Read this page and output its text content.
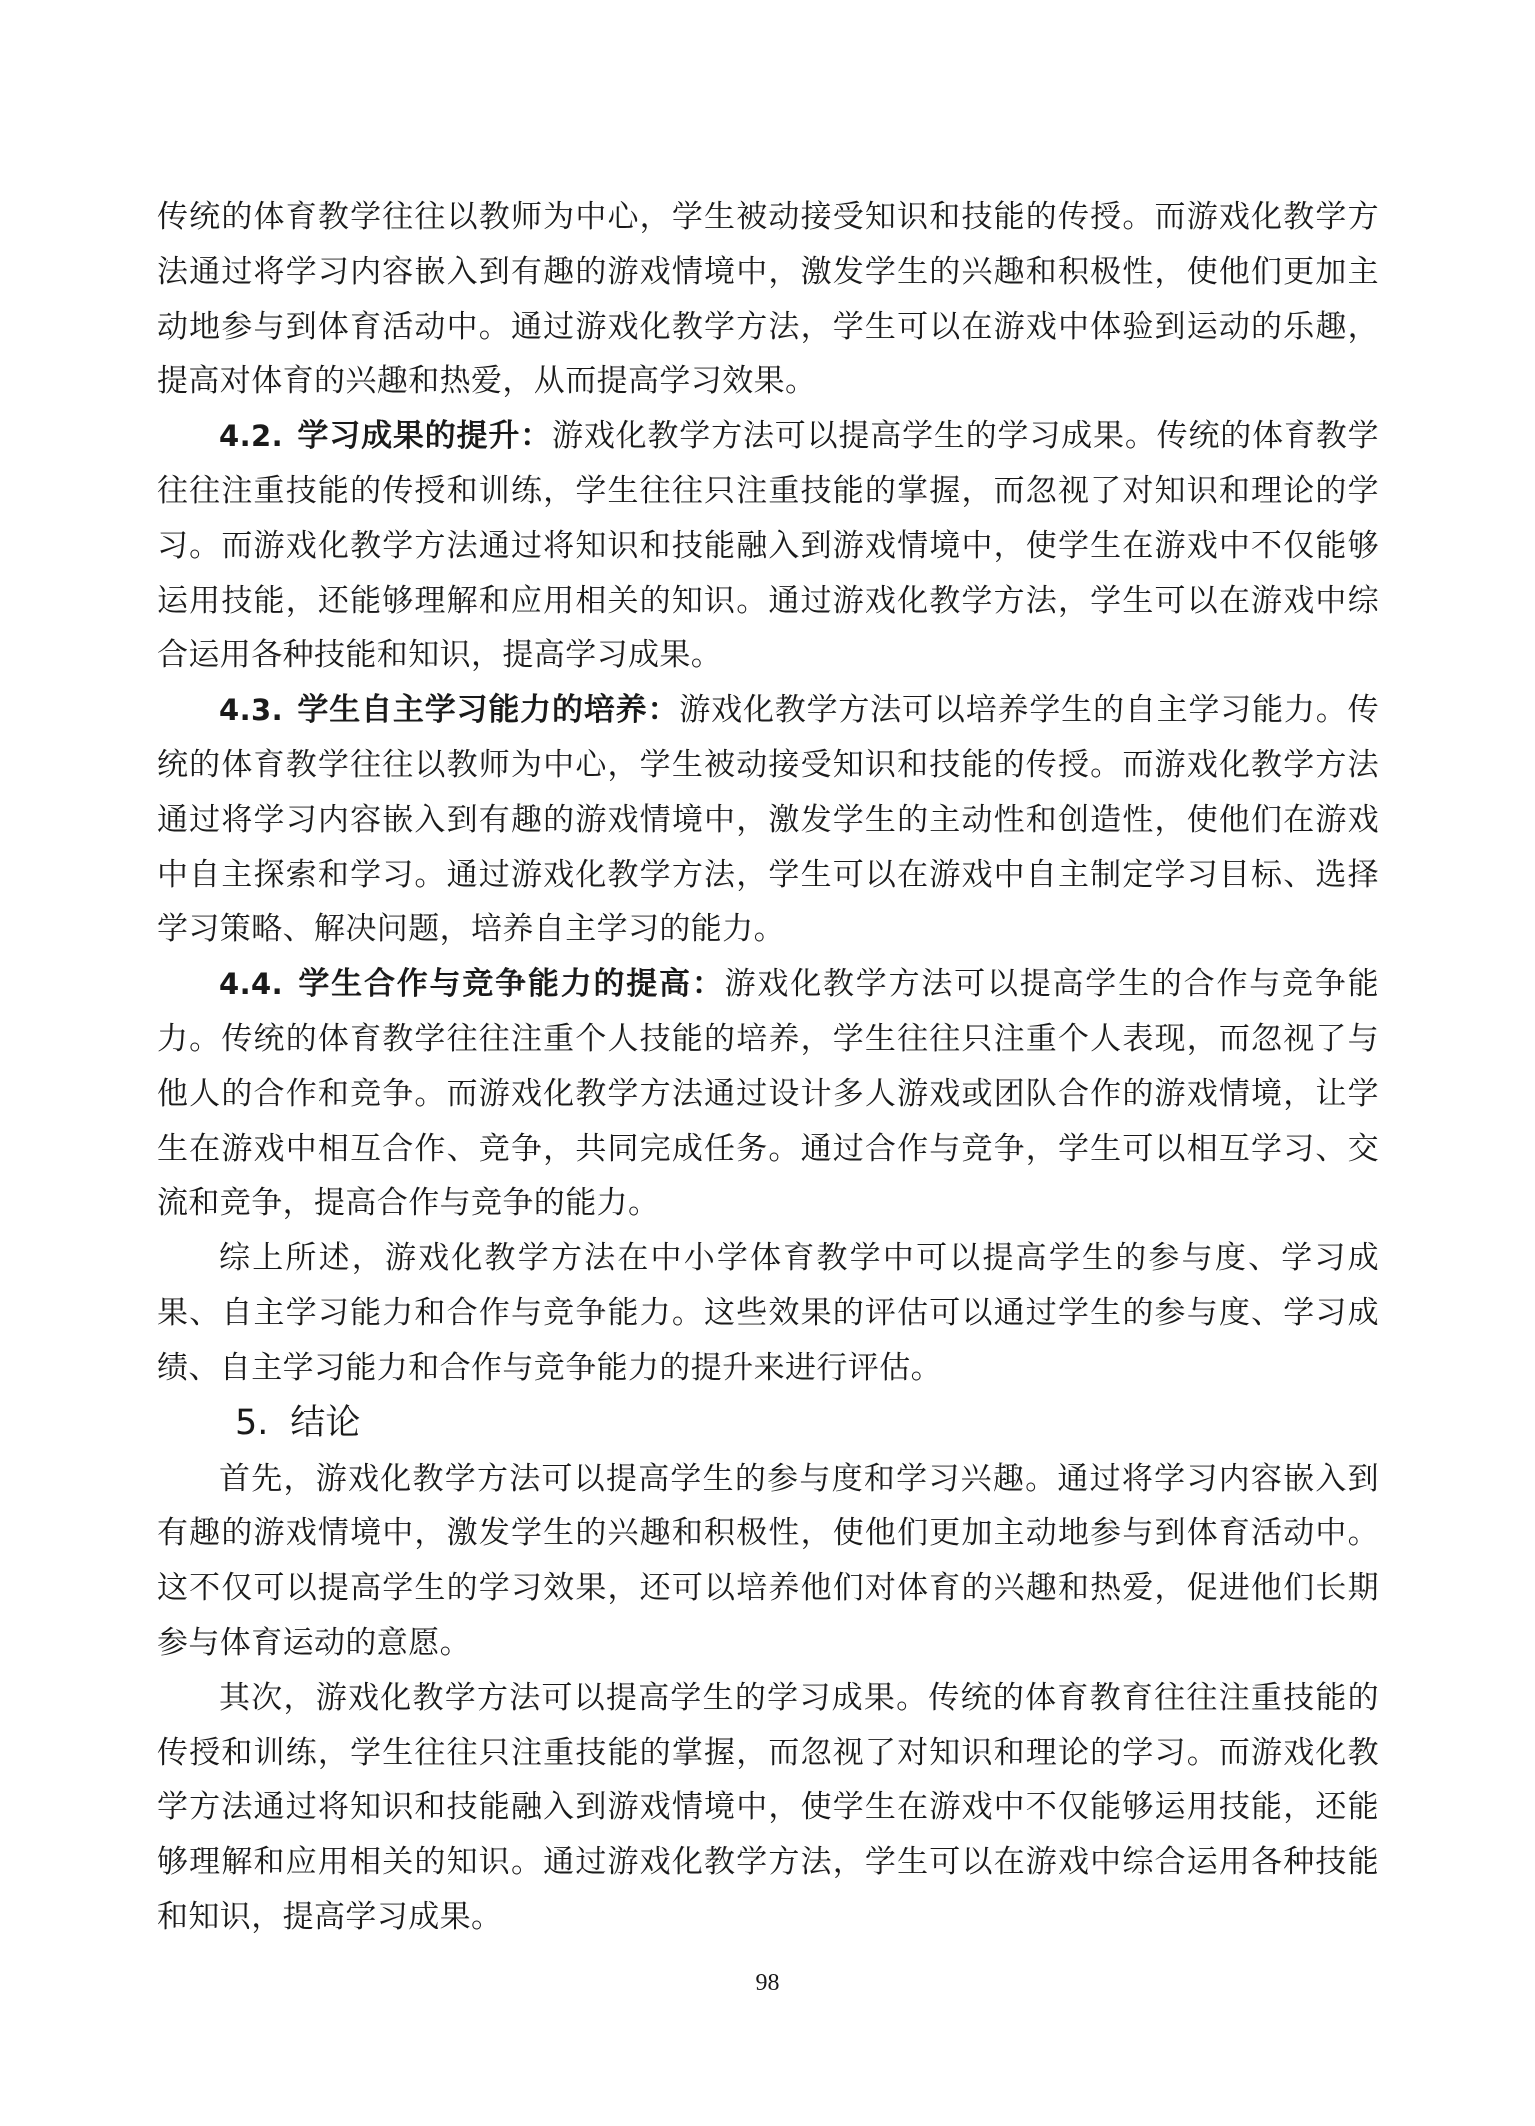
传统的体育教学往往以教师为中心，学生被动接受知识和技能的传授。而游戏化教学方法通过将学习内容嵌入到有趣的游戏情境中，激发学生的兴趣和积极性，使他们更加主动地参与到体育活动中。通过游戏化教学方法，学生可以在游戏中体验到运动的乐趣，提高对体育的兴趣和热爱，从而提高学习效果。

4.2. 学习成果的提升：游戏化教学方法可以提高学生的学习成果。传统的体育教学往往注重技能的传授和训练，学生往往只注重技能的掌握，而忽视了对知识和理论的学习。而游戏化教学方法通过将知识和技能融入到游戏情境中，使学生在游戏中不仅能够运用技能，还能够理解和应用相关的知识。通过游戏化教学方法，学生可以在游戏中综合运用各种技能和知识，提高学习成果。

4.3. 学生自主学习能力的培养：游戏化教学方法可以培养学生的自主学习能力。传统的体育教学往往以教师为中心，学生被动接受知识和技能的传授。而游戏化教学方法通过将学习内容嵌入到有趣的游戏情境中，激发学生的主动性和创造性，使他们在游戏中自主探索和学习。通过游戏化教学方法，学生可以在游戏中自主制定学习目标、选择学习策略、解决问题，培养自主学习的能力。

4.4. 学生合作与竞争能力的提高：游戏化教学方法可以提高学生的合作与竞争能力。传统的体育教学往往注重个人技能的培养，学生往往只注重个人表现，而忽视了与他人的合作和竞争。而游戏化教学方法通过设计多人游戏或团队合作的游戏情境，让学生在游戏中相互合作、竞争，共同完成任务。通过合作与竞争，学生可以相互学习、交流和竞争，提高合作与竞争的能力。

综上所述，游戏化教学方法在中小学体育教学中可以提高学生的参与度、学习成果、自主学习能力和合作与竞争能力。这些效果的评估可以通过学生的参与度、学习成绩、自主学习能力和合作与竞争能力的提升来进行评估。

5. 结论

首先，游戏化教学方法可以提高学生的参与度和学习兴趣。通过将学习内容嵌入到有趣的游戏情境中，激发学生的兴趣和积极性，使他们更加主动地参与到体育活动中。这不仅可以提高学生的学习效果，还可以培养他们对体育的兴趣和热爱，促进他们长期参与体育运动的意愿。

其次，游戏化教学方法可以提高学生的学习成果。传统的体育教育往往注重技能的传授和训练，学生往往只注重技能的掌握，而忽视了对知识和理论的学习。而游戏化教学方法通过将知识和技能融入到游戏情境中，使学生在游戏中不仅能够运用技能，还能够理解和应用相关的知识。通过游戏化教学方法，学生可以在游戏中综合运用各种技能和知识，提高学习成果。

98
